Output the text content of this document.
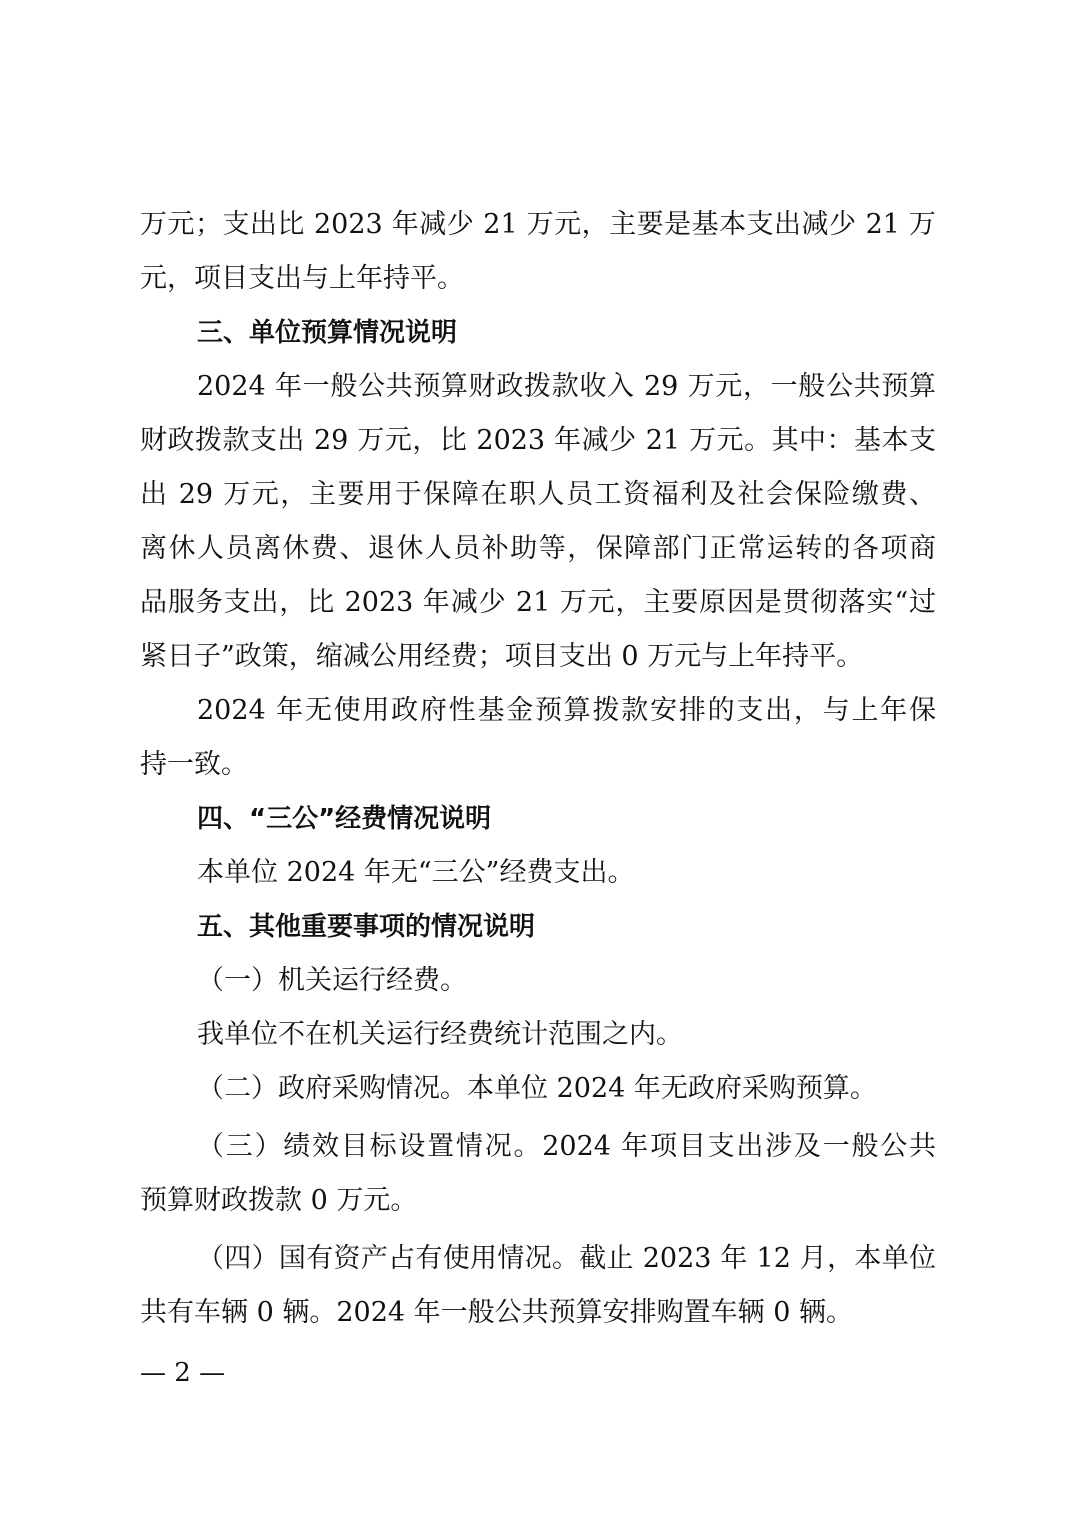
万元；支出比 2023 年减少 21 万元，主要是基本支出减少 21 万
元，项目支出与上年持平。
三、单位预算情况说明
2024 年一般公共预算财政拨款收入 29 万元，一般公共预算
财政拨款支出 29 万元，比 2023 年减少 21 万元。其中：基本支
出 29 万元，主要用于保障在职人员工资福利及社会保险缴费、
离休人员离休费、退休人员补助等，保障部门正常运转的各项商
品服务支出，比 2023 年减少 21 万元，主要原因是贯彻落实“过
紧日子”政策，缩减公用经费；项目支出 0 万元与上年持平。
2024 年无使用政府性基金预算拨款安排的支出，与上年保
持一致。
四、“三公”经费情况说明
本单位 2024 年无“三公”经费支出。
五、其他重要事项的情况说明
（一）机关运行经费。
我单位不在机关运行经费统计范围之内。
（二）政府采购情况。本单位 2024 年无政府采购预算。
（三）绩效目标设置情况。2024 年项目支出涉及一般公共
预算财政拨款 0 万元。
（四）国有资产占有使用情况。截止 2023 年 12 月，本单位
共有车辆 0 辆。2024 年一般公共预算安排购置车辆 0 辆。
— 2 —
